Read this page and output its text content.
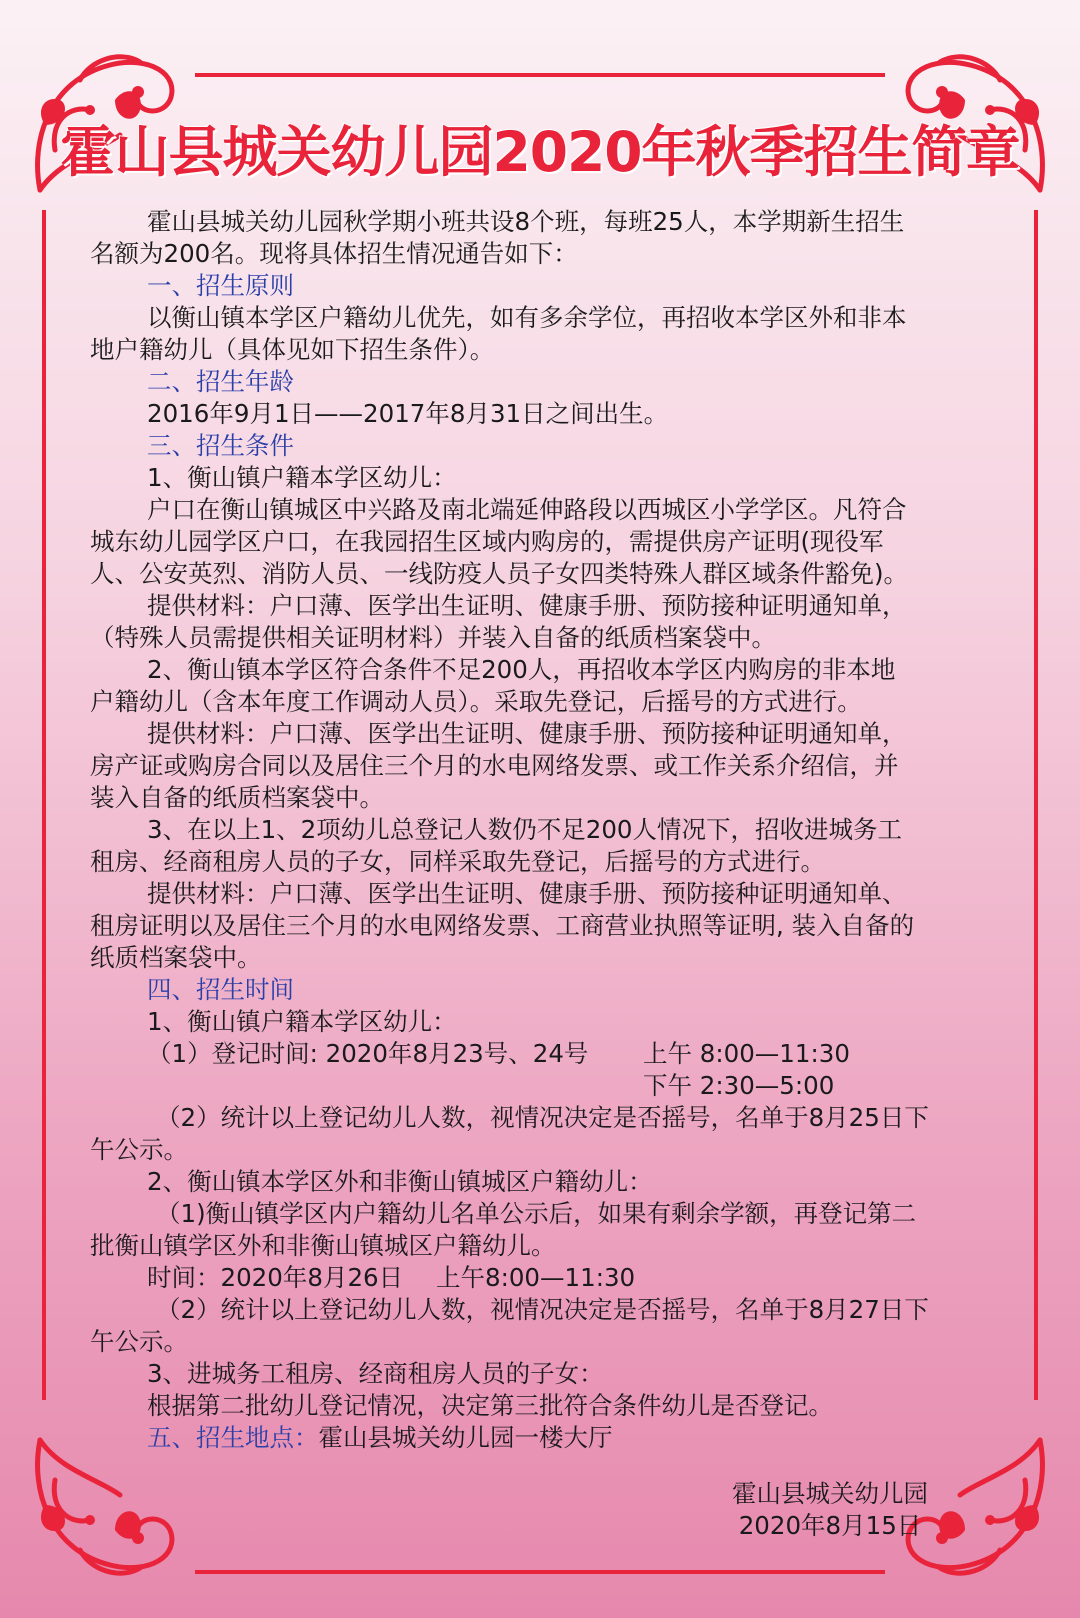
霍山县城关幼儿园2020年秋季招生简章

霍山县城关幼儿园秋学期小班共设8个班，每班25人，本学期新生招生

名额为200名。现将具体招生情况通告如下：

一、招生原则

以衡山镇本学区户籍幼儿优先，如有多余学位，再招收本学区外和非本

地户籍幼儿（具体见如下招生条件）。

二、招生年龄

2016年9月1日——2017年8月31日之间出生。

三、招生条件

1、衡山镇户籍本学区幼儿：

户口在衡山镇城区中兴路及南北端延伸路段以西城区小学学区。凡符合

城东幼儿园学区户口，在我园招生区域内购房的，需提供房产证明(现役军

人、公安英烈、消防人员、一线防疫人员子女四类特殊人群区域条件豁免)。

提供材料：户口薄、医学出生证明、健康手册、预防接种证明通知单，

（特殊人员需提供相关证明材料）并装入自备的纸质档案袋中。

2、衡山镇本学区符合条件不足200人，再招收本学区内购房的非本地

户籍幼儿（含本年度工作调动人员）。采取先登记，后摇号的方式进行。

提供材料：户口薄、医学出生证明、健康手册、预防接种证明通知单，

房产证或购房合同以及居住三个月的水电网络发票、或工作关系介绍信，并

装入自备的纸质档案袋中。

3、在以上1、2项幼儿总登记人数仍不足200人情况下，招收进城务工

租房、经商租房人员的子女，同样采取先登记，后摇号的方式进行。

提供材料：户口薄、医学出生证明、健康手册、预防接种证明通知单、

租房证明以及居住三个月的水电网络发票、工商营业执照等证明, 装入自备的

纸质档案袋中。

四、招生时间

1、衡山镇户籍本学区幼儿：

（1）登记时间: 2020年8月23号、24号 上午 8:00—11:30
下午 2:30—5:00

（2）统计以上登记幼儿人数，视情况决定是否摇号，名单于8月25日下

午公示。

2、衡山镇本学区外和非衡山镇城区户籍幼儿：

（1)衡山镇学区内户籍幼儿名单公示后，如果有剩余学额，再登记第二

批衡山镇学区外和非衡山镇城区户籍幼儿。

时间：2020年8月26日 上午8:00—11:30

（2）统计以上登记幼儿人数，视情况决定是否摇号，名单于8月27日下

午公示。

3、进城务工租房、经商租房人员的子女：

根据第二批幼儿登记情况，决定第三批符合条件幼儿是否登记。

五、招生地点：霍山县城关幼儿园一楼大厅

霍山县城关幼儿园
2020年8月15日
